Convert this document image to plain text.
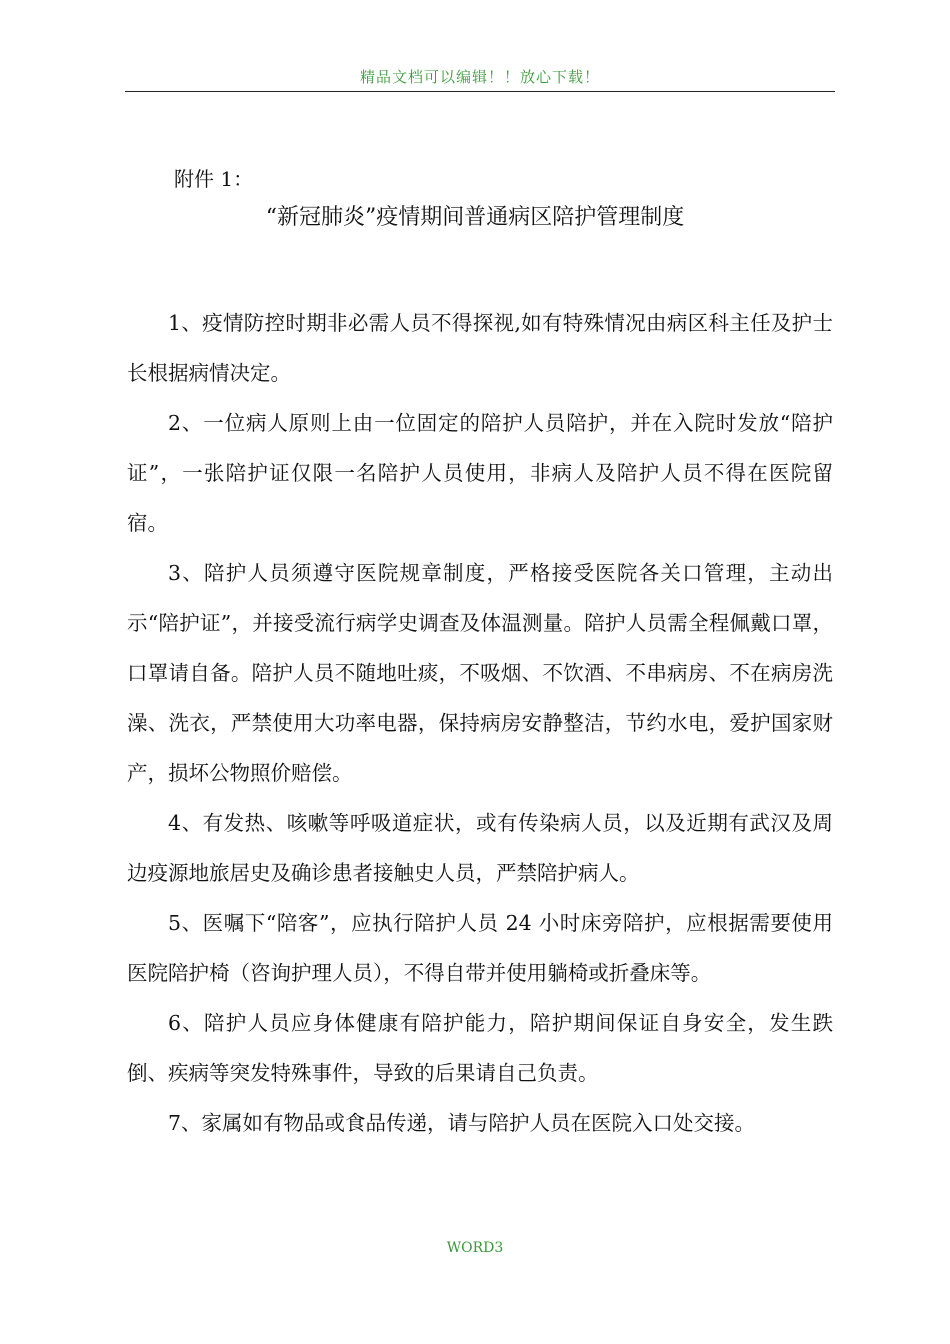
精品文档可以编辑！！放心下载！
附件 1：
“新冠肺炎”疫情期间普通病区陪护管理制度

1、疫情防控时期非必需人员不得探视,如有特殊情况由病区科主任及护士长根据病情决定。

2、一位病人原则上由一位固定的陪护人员陪护，并在入院时发放“陪护证”，一张陪护证仅限一名陪护人员使用，非病人及陪护人员不得在医院留宿。

3、陪护人员须遵守医院规章制度，严格接受医院各关口管理，主动出示“陪护证”，并接受流行病学史调查及体温测量。陪护人员需全程佩戴口罩，口罩请自备。陪护人员不随地吐痰，不吸烟、不饮酒、不串病房、不在病房洗澡、洗衣，严禁使用大功率电器，保持病房安静整洁，节约水电，爱护国家财产，损坏公物照价赔偿。

4、有发热、咳嗽等呼吸道症状，或有传染病人员，以及近期有武汉及周边疫源地旅居史及确诊患者接触史人员，严禁陪护病人。

5、医嘱下“陪客”，应执行陪护人员 24 小时床旁陪护，应根据需要使用医院陪护椅（咨询护理人员），不得自带并使用躺椅或折叠床等。

6、陪护人员应身体健康有陪护能力，陪护期间保证自身安全，发生跌倒、疾病等突发特殊事件，导致的后果请自己负责。

7、家属如有物品或食品传递，请与陪护人员在医院入口处交接。

WORD3
